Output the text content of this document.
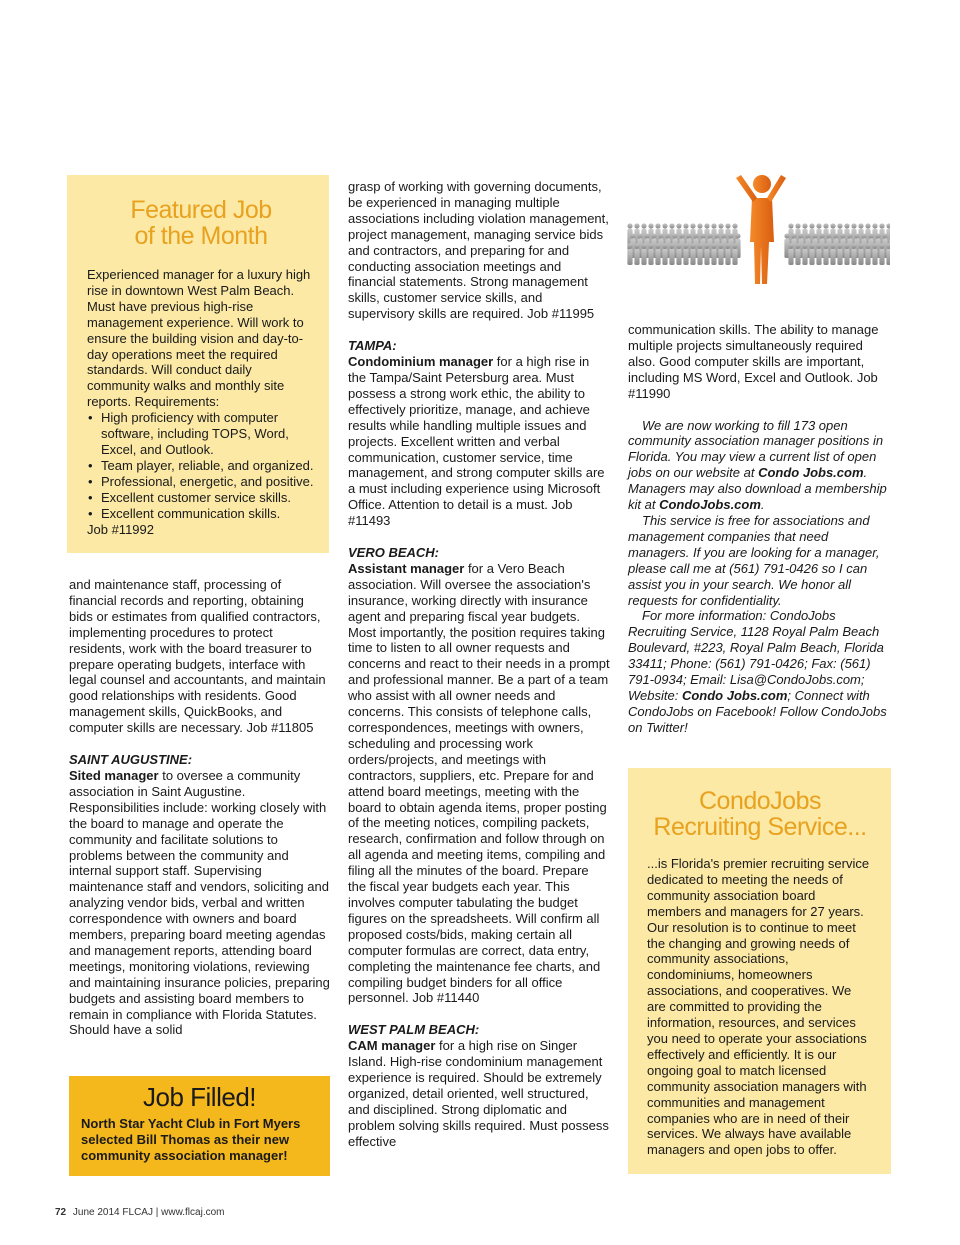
Featured Job
of the Month

Experienced manager for a luxury high rise in downtown West Palm Beach. Must have previous high-rise management experience. Will work to ensure the building vision and day-to-day operations meet the required standards. Will conduct daily community walks and monthly site reports. Requirements:

• High proficiency with computer software, including TOPS, Word, Excel, and Outlook.
• Team player, reliable, and organized.
• Professional, energetic, and positive.
• Excellent customer service skills.
• Excellent communication skills.

Job #11992

and maintenance staff, processing of financial records and reporting, obtaining bids or estimates from qualified contractors, implementing procedures to protect residents, work with the board treasurer to prepare operating budgets, interface with legal counsel and accountants, and maintain good relationships with residents. Good management skills, QuickBooks, and computer skills are necessary. Job #11805

SAINT AUGUSTINE:

Sited manager to oversee a community association in Saint Augustine. Responsibilities include: working closely with the board to manage and operate the community and facilitate solutions to problems between the community and internal support staff. Supervising maintenance staff and vendors, soliciting and analyzing vendor bids, verbal and written correspondence with owners and board members, preparing board meeting agendas and management reports, attending board meetings, monitoring violations, reviewing and maintaining insurance policies, preparing budgets and assisting board members to remain in compliance with Florida Statutes. Should have a solid

Job Filled!

North Star Yacht Club in Fort Myers selected Bill Thomas as their new community association manager!

grasp of working with governing documents, be experienced in managing multiple associations including violation management, project management, managing service bids and contractors, and preparing for and conducting association meetings and financial statements. Strong management skills, customer service skills, and supervisory skills are required. Job #11995

TAMPA:

Condominium manager for a high rise in the Tampa/Saint Petersburg area. Must possess a strong work ethic, the ability to effectively prioritize, manage, and achieve results while handling multiple issues and projects. Excellent written and verbal communication, customer service, time management, and strong computer skills are a must including experience using Microsoft Office. Attention to detail is a must. Job #11493

VERO BEACH:

Assistant manager for a Vero Beach association. Will oversee the association's insurance, working directly with insurance agent and preparing fiscal year budgets. Most importantly, the position requires taking time to listen to all owner requests and concerns and react to their needs in a prompt and professional manner. Be a part of a team who assist with all owner needs and concerns. This consists of telephone calls, correspondences, meetings with owners, scheduling and processing work orders/projects, and meetings with contractors, suppliers, etc. Prepare for and attend board meetings, meeting with the board to obtain agenda items, proper posting of the meeting notices, compiling packets, research, confirmation and follow through on all agenda and meeting items, compiling and filing all the minutes of the board. Prepare the fiscal year budgets each year. This involves computer tabulating the budget figures on the spreadsheets. Will confirm all proposed costs/bids, making certain all computer formulas are correct, data entry, completing the maintenance fee charts, and compiling budget binders for all office personnel. Job #11440

WEST PALM BEACH:

CAM manager for a high rise on Singer Island. High-rise condominium management experience is required. Should be extremely organized, detail oriented, well structured, and disciplined. Strong diplomatic and problem solving skills required. Must possess effective

communication skills. The ability to manage multiple projects simultaneously required also. Good computer skills are important, including MS Word, Excel and Outlook. Job #11990

We are now working to fill 173 open community association manager positions in Florida. You may view a current list of open jobs on our website at Condo Jobs.com. Managers may also download a membership kit at CondoJobs.com.

This service is free for associations and management companies that need managers. If you are looking for a manager, please call me at (561) 791-0426 so I can assist you in your search. We honor all requests for confidentiality.

For more information: CondoJobs Recruiting Service, 1128 Royal Palm Beach Boulevard, #223, Royal Palm Beach, Florida 33411; Phone: (561) 791-0426; Fax: (561) 791-0934; Email: Lisa@CondoJobs.com; Website: Condo Jobs.com; Connect with CondoJobs on Facebook! Follow CondoJobs on Twitter!

CondoJobs
Recruiting Service...

...is Florida's premier recruiting service dedicated to meeting the needs of community association board members and managers for 27 years. Our resolution is to continue to meet the changing and growing needs of community associations, condominiums, homeowners associations, and cooperatives. We are committed to providing the information, resources, and services you need to operate your associations effectively and efficiently. It is our ongoing goal to match licensed community association managers with communities and management companies who are in need of their services. We always have available managers and open jobs to offer.

72 June 2014 FLCAJ | www.flcaj.com
